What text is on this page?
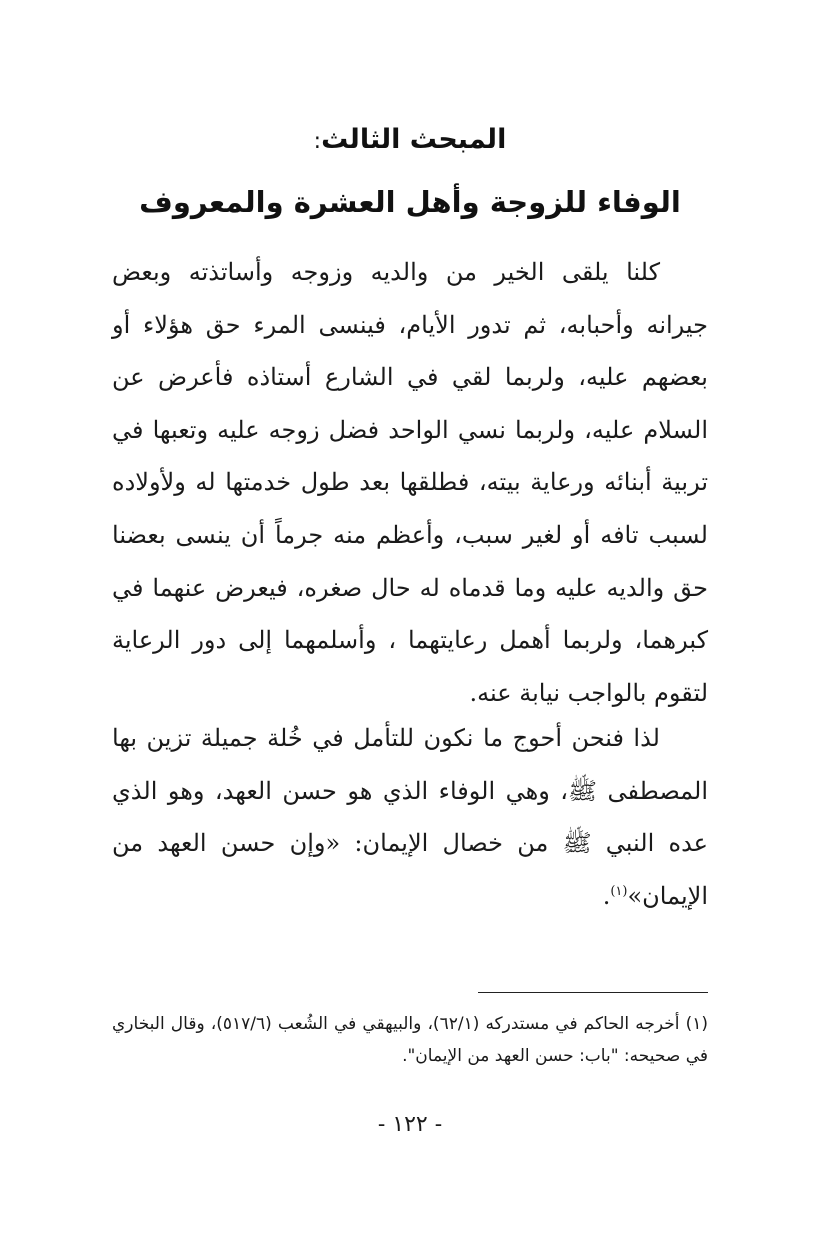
المبحث الثالث:
الوفاء للزوجة وأهل العشرة والمعروف

كلنا يلقى الخير من والديه وزوجه وأساتذته وبعض جيرانه وأحبابه، ثم تدور الأيام، فينسى المرء حق هؤلاء أو بعضهم عليه، ولربما لقي في الشارع أستاذه فأعرض عن السلام عليه، ولربما نسي الواحد فضل زوجه عليه وتعبها في تربية أبنائه ورعاية بيته، فطلقها بعد طول خدمتها له ولأولاده لسبب تافه أو لغير سبب، وأعظم منه جرماً أن ينسى بعضنا حق والديه عليه وما قدماه له حال صغره، فيعرض عنهما في كبرهما، ولربما أهمل رعايتهما ، وأسلمهما إلى دور الرعاية لتقوم بالواجب نيابة عنه.

لذا فنحن أحوج ما نكون للتأمل في خُلة جميلة تزين بها المصطفى ﷺ، وهي الوفاء الذي هو حسن العهد، وهو الذي عده النبي ﷺ من خصال الإيمان: «وإن حسن العهد من الإيمان»$^{(١)}$.

(١) أخرجه الحاكم في مستدركه (٦٢/١)، والبيهقي في الشُعب (٥١٧/٦)، وقال البخاري في صحيحه: "باب: حسن العهد من الإيمان".

- ١٢٢ -
